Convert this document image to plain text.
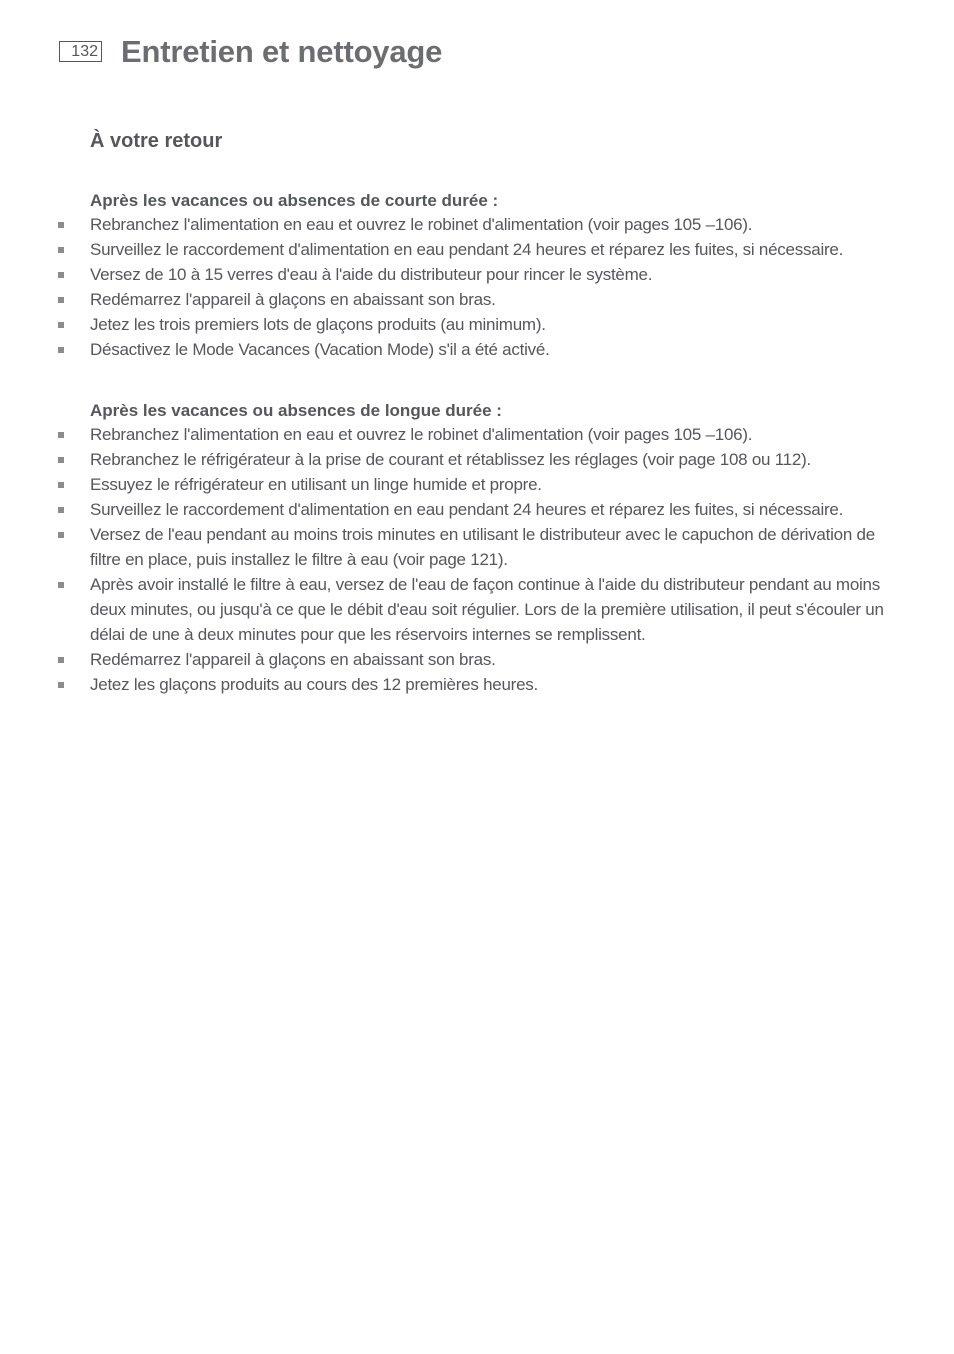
132 Entretien et nettoyage
À votre retour
Après les vacances ou absences de courte durée :
Rebranchez l'alimentation en eau et ouvrez le robinet d'alimentation (voir pages 105 –106).
Surveillez le raccordement d'alimentation en eau pendant 24 heures et réparez les fuites, si nécessaire.
Versez de 10 à 15 verres d'eau à l'aide du distributeur pour rincer le système.
Redémarrez l'appareil à glaçons en abaissant son bras.
Jetez les trois premiers lots de glaçons produits (au minimum).
Désactivez le Mode Vacances (Vacation Mode) s'il a été activé.
Après les vacances ou absences de longue durée :
Rebranchez l'alimentation en eau et ouvrez le robinet d'alimentation (voir pages 105 –106).
Rebranchez le réfrigérateur à la prise de courant et rétablissez les réglages (voir page 108 ou 112).
Essuyez le réfrigérateur en utilisant un linge humide et propre.
Surveillez le raccordement d'alimentation en eau pendant 24 heures et réparez les fuites, si nécessaire.
Versez de l'eau pendant au moins trois minutes en utilisant le distributeur avec le capuchon de dérivation de filtre en place, puis installez le filtre à eau (voir page 121).
Après avoir installé le filtre à eau, versez de l'eau de façon continue à l'aide du distributeur pendant au moins deux minutes, ou jusqu'à ce que le débit d'eau soit régulier. Lors de la première utilisation, il peut s'écouler un délai de une à deux minutes pour que les réservoirs internes se remplissent.
Redémarrez l'appareil à glaçons en abaissant son bras.
Jetez les glaçons produits au cours des 12 premières heures.
